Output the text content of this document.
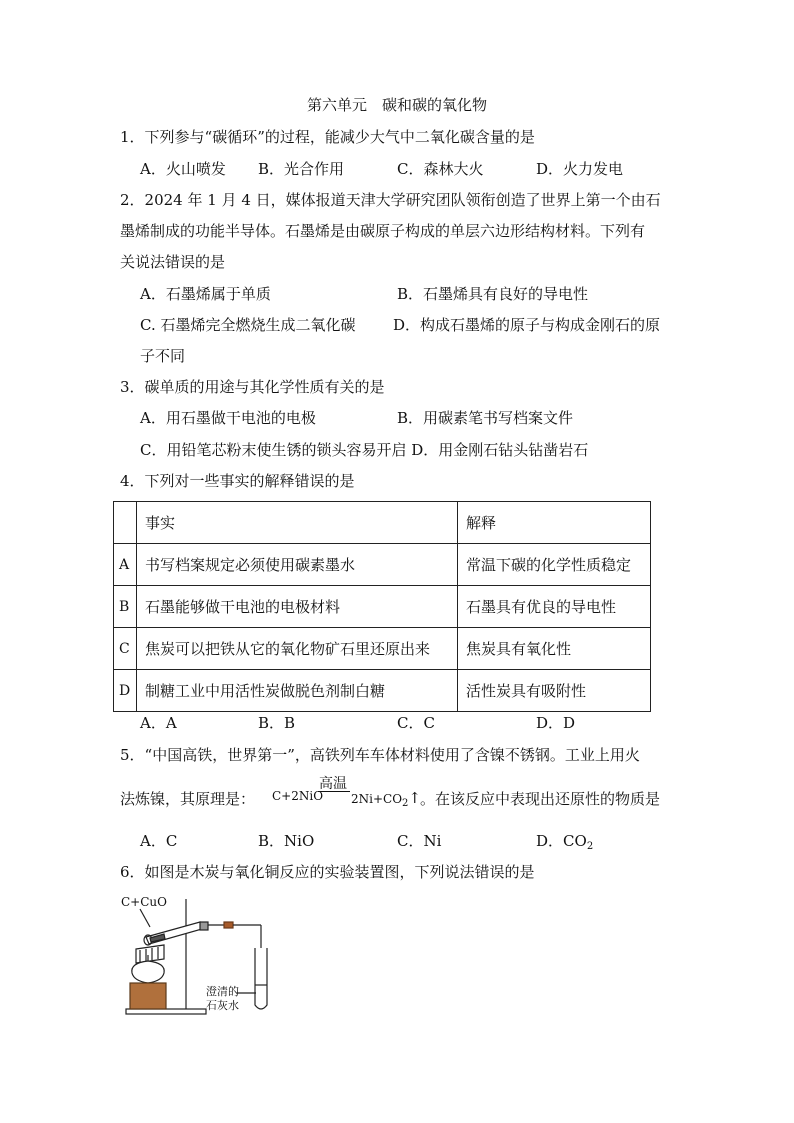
第六单元　碳和碳的氧化物
1．下列参与“碳循环”的过程，能减少大气中二氧化碳含量的是
A．火山喷发 B．光合作用	C．森林大火	D．火力发电
2．2024 年 1 月 4 日，媒体报道天津大学研究团队领衔创造了世界上第一个由石
墨烯制成的功能半导体。石墨烯是由碳原子构成的单层六边形结构材料。下列有
关说法错误的是
A．石墨烯属于单质	B．石墨烯具有良好的导电性
C. 石墨烯完全燃烧生成二氧化碳	D．构成石墨烯的原子与构成金刚石的原
子不同
3．碳单质的用途与其化学性质有关的是
A．用石墨做干电池的电极	B．用碳素笔书写档案文件
C．用铅笔芯粉末使生锈的锁头容易开启 D．用金刚石钻头钻凿岩石
4．下列对一些事实的解释错误的是
	事实	解释
A	书写档案规定必须使用碳素墨水	常温下碳的化学性质稳定
B	石墨能够做干电池的电极材料	石墨具有优良的导电性
C	焦炭可以把铁从它的氧化物矿石里还原出来	焦炭具有氧化性
D	制糖工业中用活性炭做脱色剂制白糖	活性炭具有吸附性
A．A	B．B	C．C	D．D
5．“中国高铁，世界第一”，高铁列车车体材料使用了含镍不锈钢。工业上用火
法炼镍，其原理是： C+2NiO
高温
$2Ni+CO_2↑$ 。在该反应中表现出还原性的物质是
A．C	B．NiO	C．Ni	D．$CO_2$
6．如图是木炭与氧化铜反应的实验装置图，下列说法错误的是
C+CuO
澄清的
石灰水
